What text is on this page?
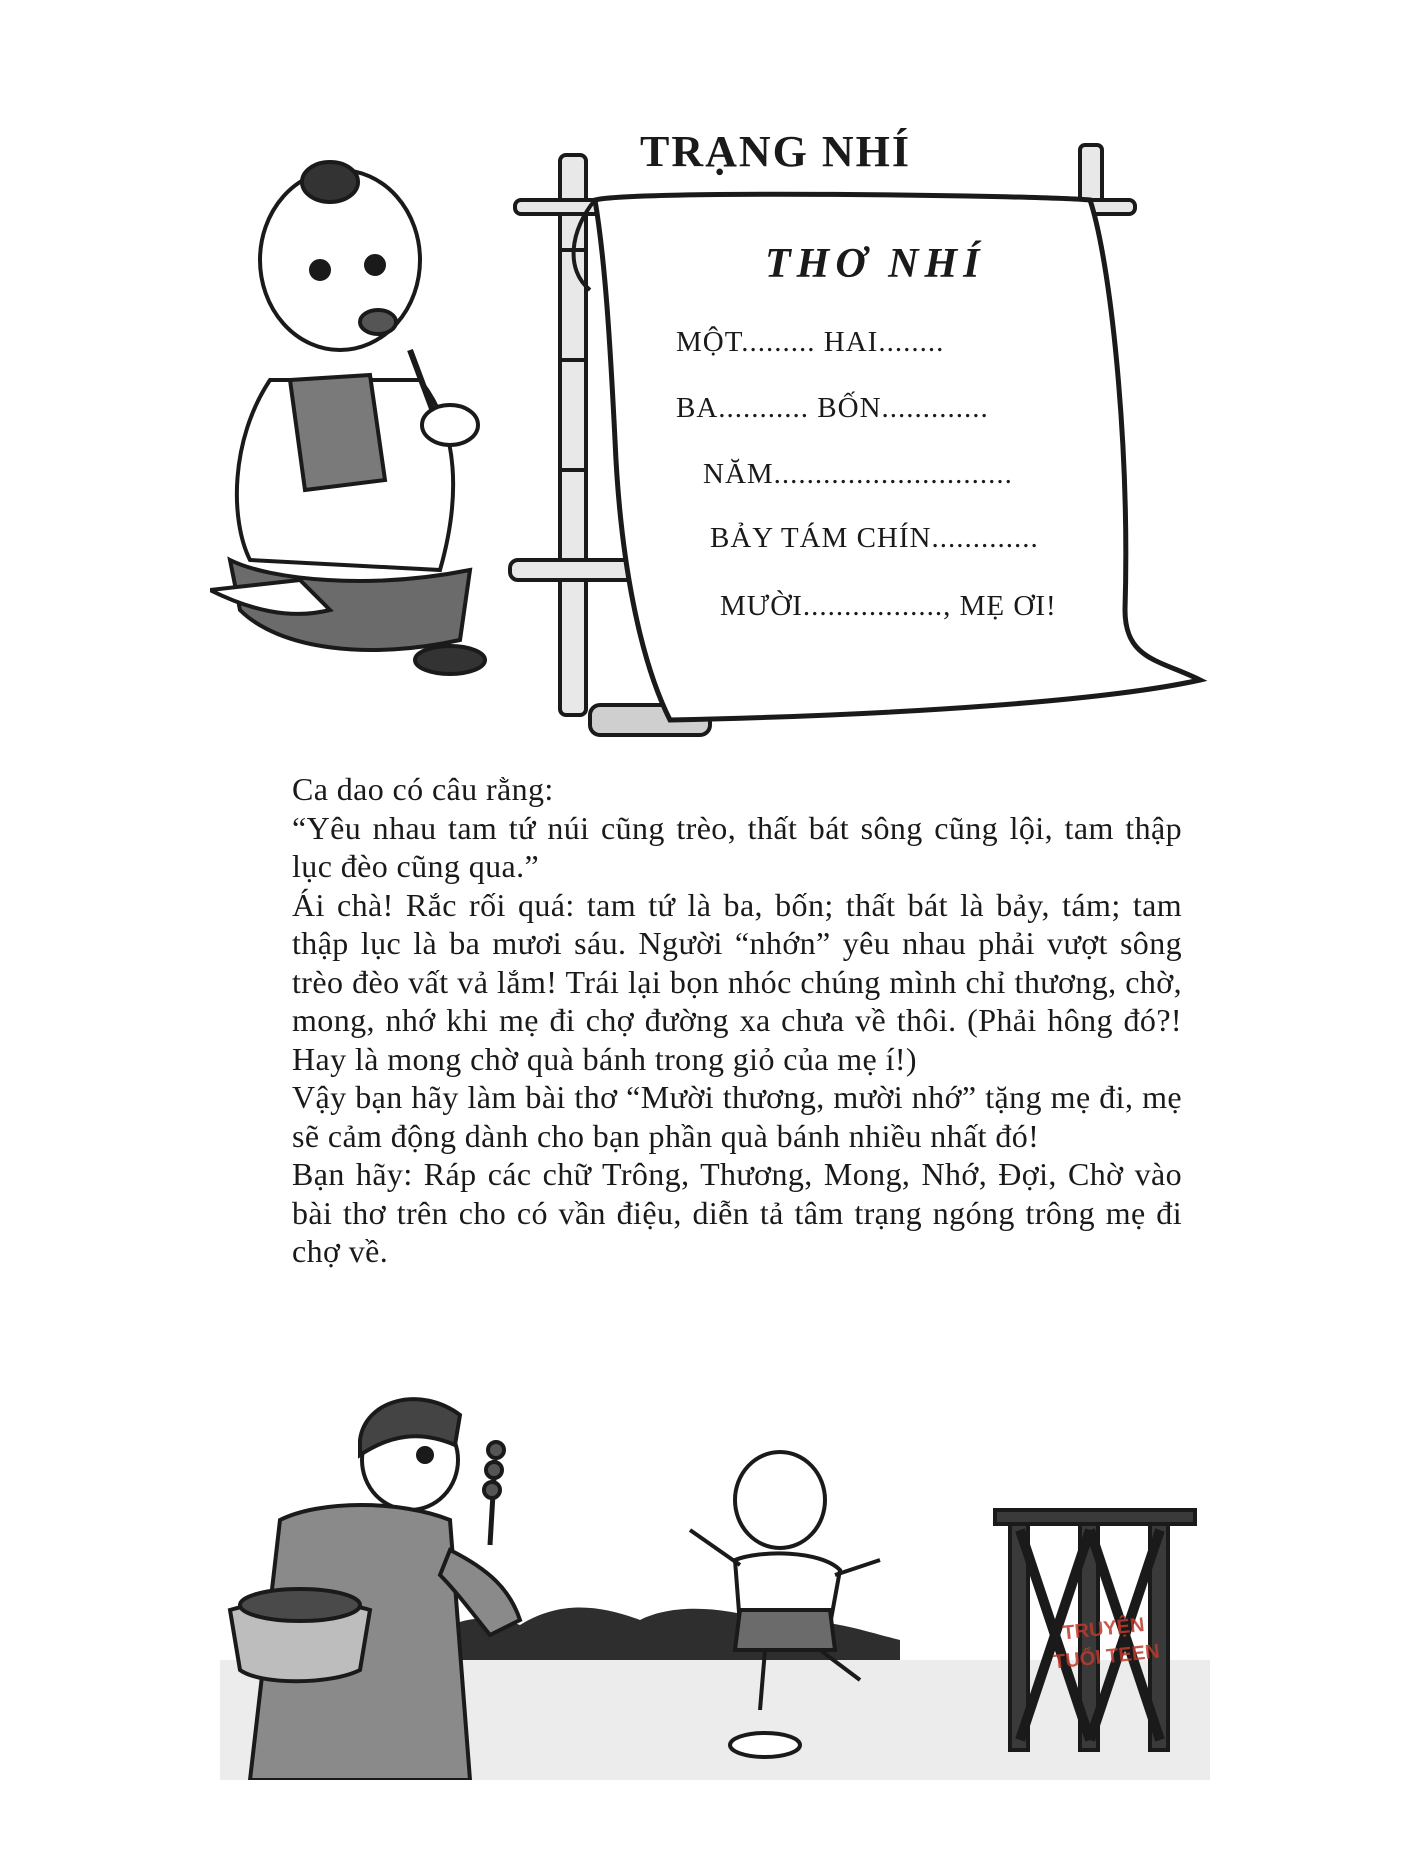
TRẠNG NHÍ
THƠ NHÍ
MỘT......... HAI........
BA........... BỐN.............
NĂM.............................
BẢY TÁM CHÍN.............
MƯỜI................., MẸ ƠI!

Ca dao có câu rằng:

“Yêu nhau tam tứ núi cũng trèo, thất bát sông cũng lội, tam thập lục đèo cũng qua.”

Ái chà! Rắc rối quá: tam tứ là ba, bốn; thất bát là bảy, tám; tam thập lục là ba mươi sáu. Người “nhớn” yêu nhau phải vượt sông trèo đèo vất vả lắm! Trái lại bọn nhóc chúng mình chỉ thương, chờ, mong, nhớ khi mẹ đi chợ đường xa chưa về thôi. (Phải hông đó?! Hay là mong chờ quà bánh trong giỏ của mẹ í!)

Vậy bạn hãy làm bài thơ “Mười thương, mười nhớ” tặng mẹ đi, mẹ sẽ cảm động dành cho bạn phần quà bánh nhiều nhất đó!

Bạn hãy: Ráp các chữ Trông, Thương, Mong, Nhớ, Đợi, Chờ vào bài thơ trên cho có vần điệu, diễn tả tâm trạng ngóng trông mẹ đi chợ về.

TRUYỆN
TUỔI TEEN
